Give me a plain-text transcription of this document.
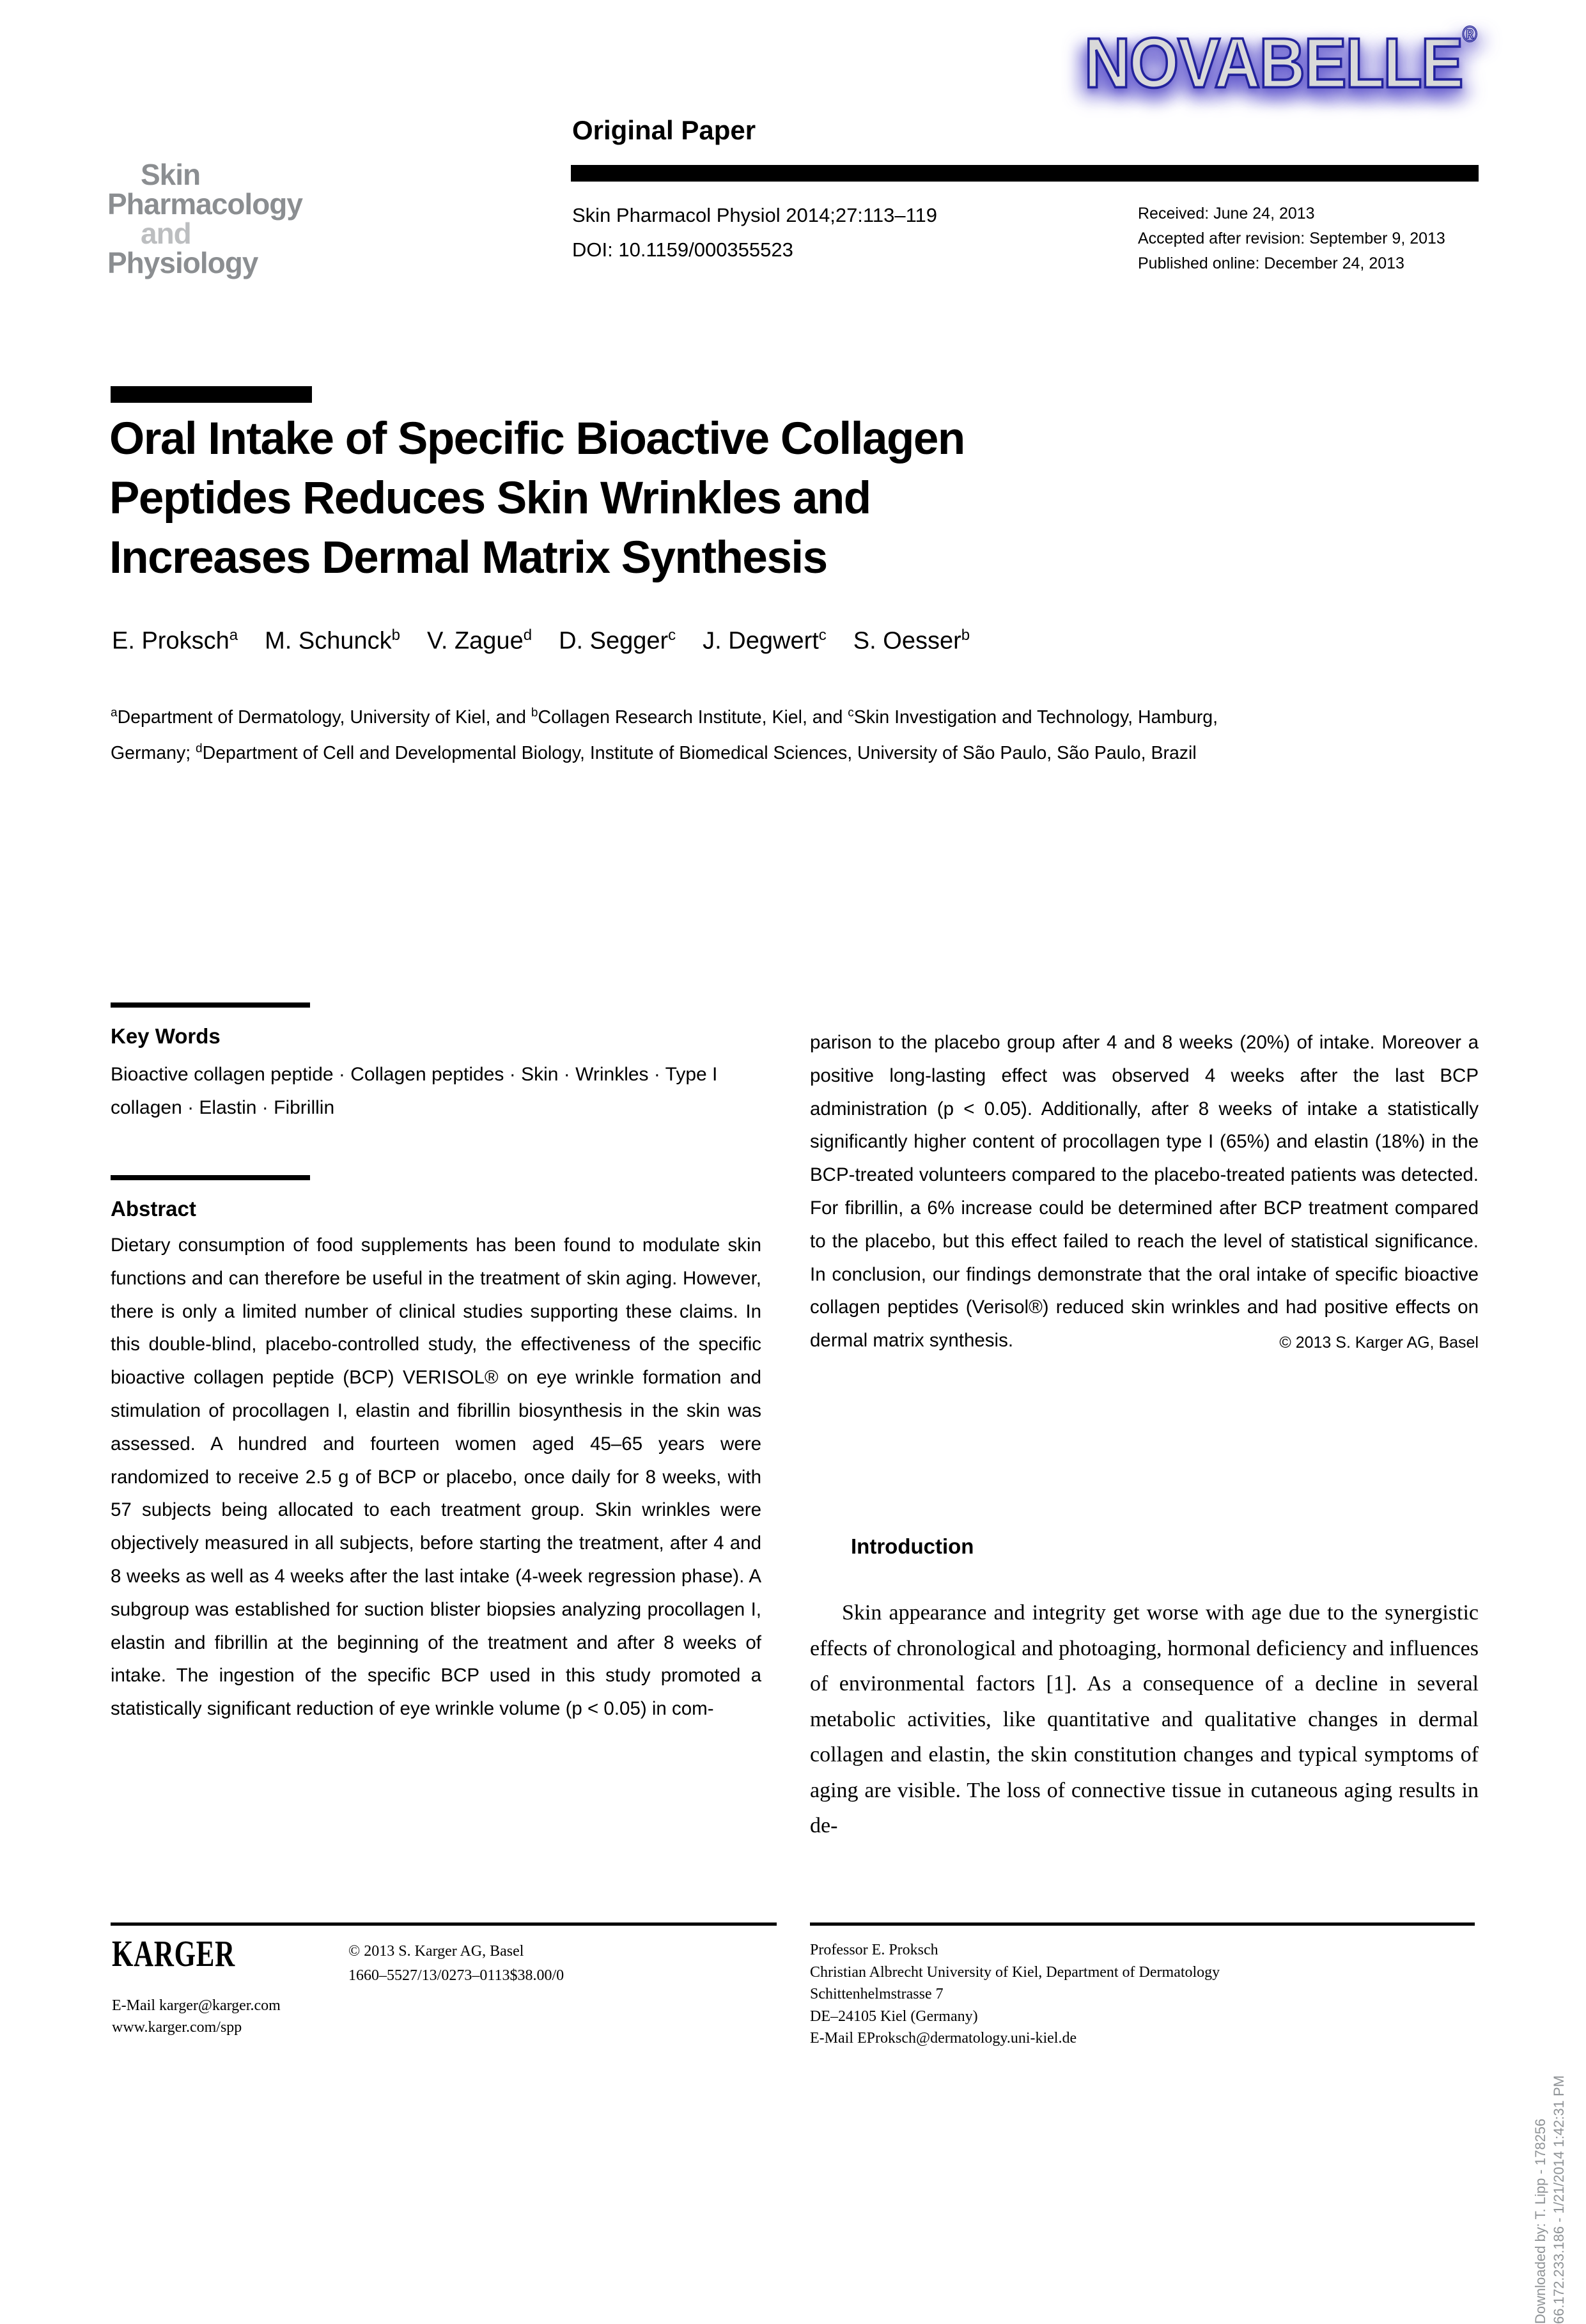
NOVABELLE®
Skin
Pharmacology
and
Physiology
Original Paper
Skin Pharmacol Physiol 2014;27:113–119
DOI: 10.1159/000355523
Received: June 24, 2013
Accepted after revision: September 9, 2013
Published online: December 24, 2013
Oral Intake of Specific Bioactive Collagen
Peptides Reduces Skin Wrinkles and
Increases Dermal Matrix Synthesis
E. Proksch$^a$ M. Schunck$^b$ V. Zague$^d$ D. Segger$^c$ J. Degwert$^c$ S. Oesser$^b$
$^a$Department of Dermatology, University of Kiel, and $^b$Collagen Research Institute, Kiel, and $^c$Skin Investigation and Technology, Hamburg, Germany; $^d$Department of Cell and Developmental Biology, Institute of Biomedical Sciences, University of São Paulo, São Paulo, Brazil
Key Words
Bioactive collagen peptide · Collagen peptides · Skin · Wrinkles · Type I collagen · Elastin · Fibrillin
Abstract
Dietary consumption of food supplements has been found to modulate skin functions and can therefore be useful in the treatment of skin aging. However, there is only a limited number of clinical studies supporting these claims. In this double-blind, placebo-controlled study, the effectiveness of the specific bioactive collagen peptide (BCP) VERISOL® on eye wrinkle formation and stimulation of procollagen I, elastin and fibrillin biosynthesis in the skin was assessed. A hundred and fourteen women aged 45–65 years were randomized to receive 2.5 g of BCP or placebo, once daily for 8 weeks, with 57 subjects being allocated to each treatment group. Skin wrinkles were objectively measured in all subjects, before starting the treatment, after 4 and 8 weeks as well as 4 weeks after the last intake (4-week regression phase). A subgroup was established for suction blister biopsies analyzing procollagen I, elastin and fibrillin at the beginning of the treatment and after 8 weeks of intake. The ingestion of the specific BCP used in this study promoted a statistically significant reduction of eye wrinkle volume (p < 0.05) in com-
parison to the placebo group after 4 and 8 weeks (20%) of intake. Moreover a positive long-lasting effect was observed 4 weeks after the last BCP administration (p < 0.05). Additionally, after 8 weeks of intake a statistically significantly higher content of procollagen type I (65%) and elastin (18%) in the BCP-treated volunteers compared to the placebo-treated patients was detected. For fibrillin, a 6% increase could be determined after BCP treatment compared to the placebo, but this effect failed to reach the level of statistical significance. In conclusion, our findings demonstrate that the oral intake of specific bioactive collagen peptides (Verisol®) reduced skin wrinkles and had positive effects on dermal matrix synthesis.	© 2013 S. Karger AG, Basel
Introduction
Skin appearance and integrity get worse with age due to the synergistic effects of chronological and photoaging, hormonal deficiency and influences of environmental factors [1]. As a consequence of a decline in several metabolic activities, like quantitative and qualitative changes in dermal collagen and elastin, the skin constitution changes and typical symptoms of aging are visible. The loss of connective tissue in cutaneous aging results in de-
KARGER	© 2013 S. Karger AG, Basel
1660–5527/13/0273–0113$38.00/0
E-Mail karger@karger.com
www.karger.com/spp
Professor E. Proksch
Christian Albrecht University of Kiel, Department of Dermatology
Schittenhelmstrasse 7
DE–24105 Kiel (Germany)
E-Mail EProksch@dermatology.uni-kiel.de
Downloaded by: T. Lipp - 178256 66.172.233.186 - 1/21/2014 1:42:31 PM
